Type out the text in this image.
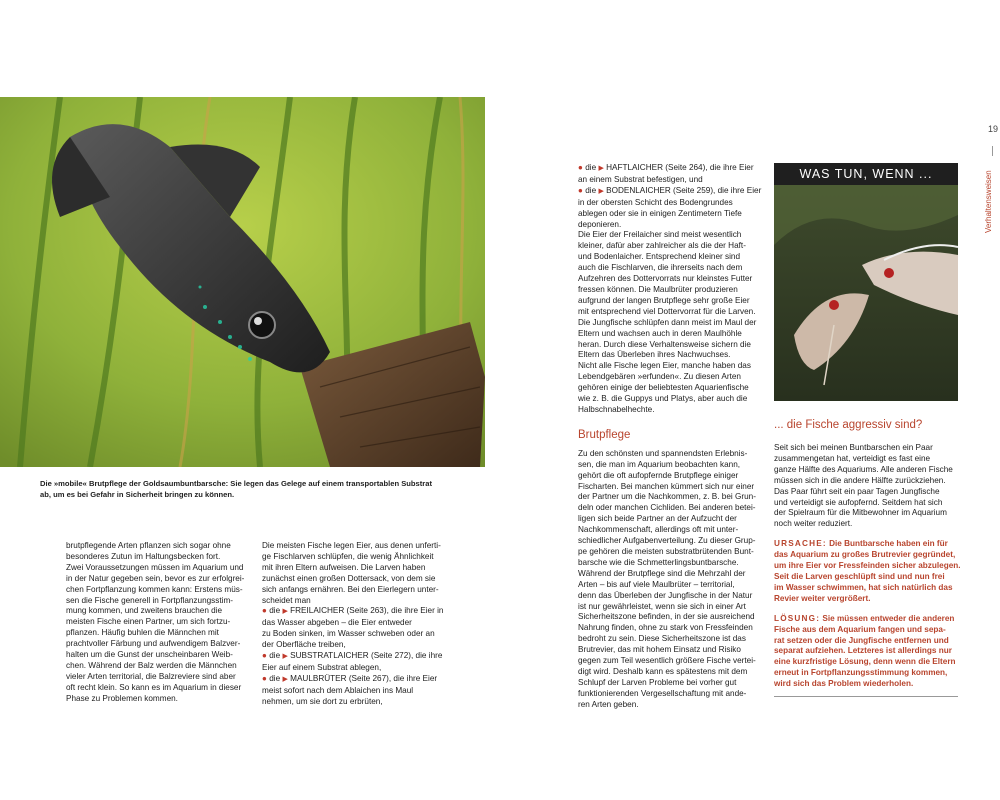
Die »mobile« Brutpflege der Goldsaumbuntbarsche: Sie legen das Gelege auf einem transportablen Substrat ab, um es bei Gefahr in Sicherheit bringen zu können.
brutpflegende Arten pflanzen sich sogar ohne
besonderes Zutun im Haltungsbecken fort.
Zwei Voraussetzungen müssen im Aquarium und
in der Natur gegeben sein, bevor es zur erfolgrei-
chen Fortpflanzung kommen kann: Erstens müs-
sen die Fische generell in Fortpflanzungsstim-
mung kommen, und zweitens brauchen die
meisten Fische einen Partner, um sich fortzu-
pflanzen. Häufig buhlen die Männchen mit
prachtvoller Färbung und aufwendigem Balzver-
halten um die Gunst der unscheinbaren Weib-
chen. Während der Balz werden die Männchen
vieler Arten territorial, die Balzreviere sind aber
oft recht klein. So kann es im Aquarium in dieser
Phase zu Problemen kommen.
Die meisten Fische legen Eier, aus denen unferti-
ge Fischlarven schlüpfen, die wenig Ähnlichkeit
mit ihren Eltern aufweisen. Die Larven haben
zunächst einen großen Dottersack, von dem sie
sich anfangs ernähren. Bei den Eierlegern unter-
scheidet man
● die ▶ FREILAICHER (Seite 263), die ihre Eier in
das Wasser abgeben – die Eier entweder
zu Boden sinken, im Wasser schweben oder an
der Oberfläche treiben,
● die ▶ SUBSTRATLAICHER (Seite 272), die ihre
Eier auf einem Substrat ablegen,
● die ▶ MAULBRÜTER (Seite 267), die ihre Eier
meist sofort nach dem Ablaichen ins Maul
nehmen, um sie dort zu erbrüten,
● die ▶ HAFTLAICHER (Seite 264), die ihre Eier
an einem Substrat befestigen, und
● die ▶ BODENLAICHER (Seite 259), die ihre Eier
in der obersten Schicht des Bodengrundes
ablegen oder sie in einigen Zentimetern Tiefe
deponieren.
Die Eier der Freilaicher sind meist wesentlich
kleiner, dafür aber zahlreicher als die der Haft-
und Bodenlaicher. Entsprechend kleiner sind
auch die Fischlarven, die ihrerseits nach dem
Aufzehren des Dottervorrats nur kleinstes Futter
fressen können. Die Maulbrüter produzieren
aufgrund der langen Brutpflege sehr große Eier
mit entsprechend viel Dottervorrat für die Larven.
Die Jungfische schlüpfen dann meist im Maul der
Eltern und wachsen auch in deren Maulhöhle
heran. Durch diese Verhaltensweise sichern die
Eltern das Überleben ihres Nachwuchses.
Nicht alle Fische legen Eier, manche haben das
Lebendgebären »erfunden«. Zu diesen Arten
gehören einige der beliebtesten Aquarienfische
wie z. B. die Guppys und Platys, aber auch die
Halbschnabelhechte.
Brutpflege
Zu den schönsten und spannendsten Erlebnis-
sen, die man im Aquarium beobachten kann,
gehört die oft aufopfernde Brutpflege einiger
Fischarten. Bei manchen kümmert sich nur einer
der Partner um die Nachkommen, z. B. bei Grun-
deln oder manchen Cichliden. Bei anderen betei-
ligen sich beide Partner an der Aufzucht der
Nachkommenschaft, allerdings oft mit unter-
schiedlicher Aufgabenverteilung. Zu dieser Grup-
pe gehören die meisten substratbrütenden Bunt-
barsche wie die Schmetterlingsbuntbarsche.
Während der Brutpflege sind die Mehrzahl der
Arten – bis auf viele Maulbrüter – territorial,
denn das Überleben der Jungfische in der Natur
ist nur gewährleistet, wenn sie sich in einer Art
Sicherheitszone befinden, in der sie ausreichend
Nahrung finden, ohne zu stark von Fressfeinden
bedroht zu sein. Diese Sicherheitszone ist das
Brutrevier, das mit hohem Einsatz und Risiko
gegen zum Teil wesentlich größere Fische vertei-
digt wird. Deshalb kann es spätestens mit dem
Schlupf der Larven Probleme bei vorher gut
funktionierenden Vergesellschaftung mit ande-
ren Arten geben.
WAS TUN, WENN ...
... die Fische aggressiv sind?
Seit sich bei meinen Buntbarschen ein Paar
zusammengetan hat, verteidigt es fast eine
ganze Hälfte des Aquariums. Alle anderen Fische
müssen sich in die andere Hälfte zurückziehen.
Das Paar führt seit ein paar Tagen Jungfische
und verteidigt sie aufopfernd. Seitdem hat sich
der Spielraum für die Mitbewohner im Aquarium
noch weiter reduziert.
URSACHE: Die Buntbarsche haben ein für
das Aquarium zu großes Brutrevier gegründet,
um ihre Eier vor Fressfeinden sicher abzulegen.
Seit die Larven geschlüpft sind und nun frei
im Wasser schwimmen, hat sich natürlich das
Revier weiter vergrößert.
LÖSUNG: Sie müssen entweder die anderen
Fische aus dem Aquarium fangen und sepa-
rat setzen oder die Jungfische entfernen und
separat aufziehen. Letzteres ist allerdings nur
eine kurzfristige Lösung, denn wenn die Eltern
erneut in Fortpflanzungsstimmung kommen,
wird sich das Problem wiederholen.
19
Verhaltensweisen
